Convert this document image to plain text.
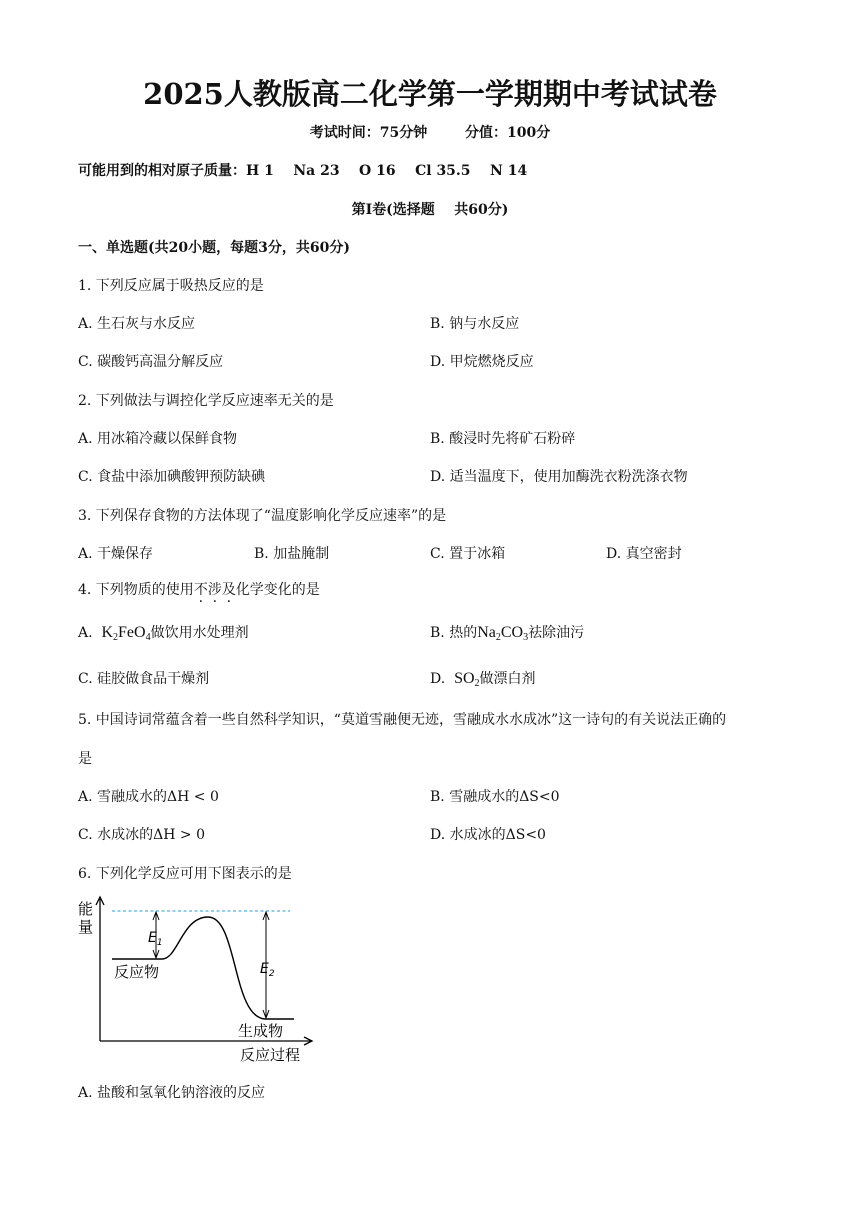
2025人教版高二化学第一学期期中考试试卷
考试时间：75分钟	分值：100分
可能用到的相对原子质量：H 1    Na 23    O 16    Cl 35.5    N 14
第I卷(选择题    共60分)
一、单选题(共20小题，每题3分，共60分)
1. 下列反应属于吸热反应的是
A. 生石灰与水反应	B. 钠与水反应
C. 碳酸钙高温分解反应	D. 甲烷燃烧反应
2. 下列做法与调控化学反应速率无关的是
A. 用冰箱冷藏以保鲜食物	B. 酸浸时先将矿石粉碎
C. 食盐中添加碘酸钾预防缺碘	D. 适当温度下，使用加酶洗衣粉洗涤衣物
3. 下列保存食物的方法体现了“温度影响化学反应速率”的是
A. 干燥保存	B. 加盐腌制	C. 置于冰箱	D. 真空密封
4. 下列物质的使用不涉及化学变化的是
A. $K_2FeO_4$做饮用水处理剂	B. 热的$Na_2CO_3$祛除油污
C. 硅胶做食品干燥剂	D. $SO_2$做漂白剂
5. 中国诗词常蕴含着一些自然科学知识，“莫道雪融便无迹，雪融成水水成冰”这一诗句的有关说法正确的
是
A. 雪融成水的ΔH < 0	B. 雪融成水的ΔS<0
C. 水成冰的ΔH > 0	D. 水成冰的ΔS<0
6. 下列化学反应可用下图表示的是
能
量
$E_1$
$E_2$
反应物
生成物
反应过程
A. 盐酸和氢氧化钠溶液的反应
